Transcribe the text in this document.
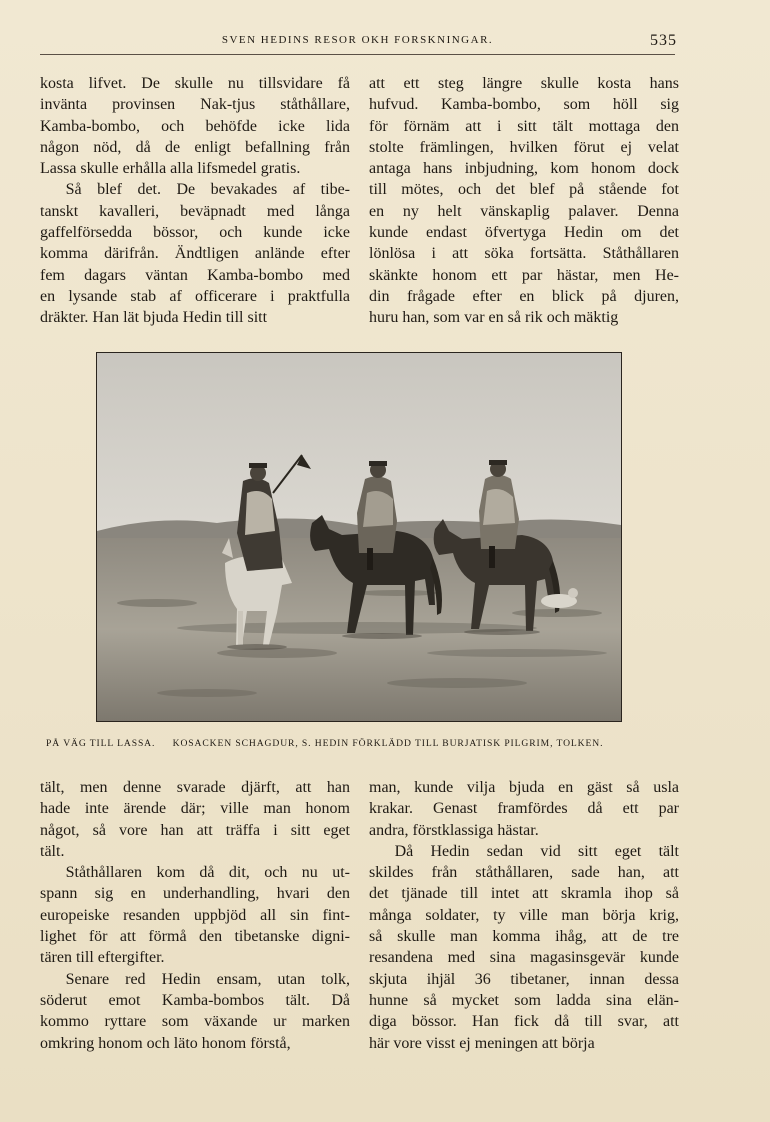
SVEN HEDINS RESOR OKH FORSKNINGAR.	535

kosta lifvet. De skulle nu tillsvidare få

invänta provinsen Nak-tjus ståthållare,

Kamba-bombo, och behöfde icke lida

någon nöd, då de enligt befallning från

Lassa skulle erhålla alla lifsmedel gratis.

Så blef det. De bevakades af tibe-

tanskt kavalleri, beväpnadt med långa

gaffelförsedda bössor, och kunde icke

komma därifrån. Ändtligen anlände efter

fem dagars väntan Kamba-bombo med

en lysande stab af officerare i praktfulla

dräkter. Han lät bjuda Hedin till sitt

att ett steg längre skulle kosta hans

hufvud. Kamba-bombo, som höll sig

för förnäm att i sitt tält mottaga den

stolte främlingen, hvilken förut ej velat

antaga hans inbjudning, kom honom dock

till mötes, och det blef på stående fot

en ny helt vänskaplig palaver. Denna

kunde endast öfvertyga Hedin om det

lönlösa i att söka fortsätta. Ståthållaren

skänkte honom ett par hästar, men He-

din frågade efter en blick på djuren,

huru han, som var en så rik och mäktig

PÅ VÄG TILL LASSA. KOSACKEN SCHAGDUR, S. HEDIN FÖRKLÄDD TILL BURJATISK PILGRIM, TOLKEN.

tält, men denne svarade djärft, att han

hade inte ärende där; ville man honom

något, så vore han att träffa i sitt eget

tält.

Ståthållaren kom då dit, och nu ut-

spann sig en underhandling, hvari den

europeiske resanden uppbjöd all sin fint-

lighet för att förmå den tibetanske digni-

tären till eftergifter.

Senare red Hedin ensam, utan tolk,

söderut emot Kamba-bombos tält. Då

kommo ryttare som växande ur marken

omkring honom och läto honom förstå,

man, kunde vilja bjuda en gäst så usla

krakar. Genast framfördes då ett par

andra, förstklassiga hästar.

Då Hedin sedan vid sitt eget tält

skildes från ståthållaren, sade han, att

det tjänade till intet att skramla ihop så

många soldater, ty ville man börja krig,

så skulle man komma ihåg, att de tre

resandena med sina magasinsgevär kunde

skjuta ihjäl 36 tibetaner, innan dessa

hunne så mycket som ladda sina elän-

diga bössor. Han fick då till svar, att

här vore visst ej meningen att börja
